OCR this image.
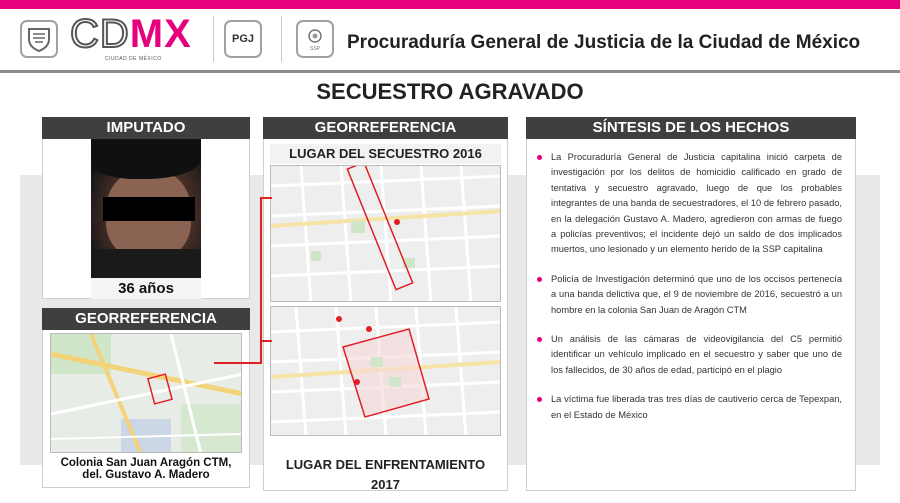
CDMX
CIUDAD DE MÉXICO
PGJ
SSP Procuraduría General de Justicia de la Ciudad de México
SECUESTRO AGRAVADO
IMPUTADO
36 años
GEORREFERENCIA
Colonia San Juan Aragón CTM,
del. Gustavo A. Madero
GEORREFERENCIA
LUGAR DEL SECUESTRO 2016
LUGAR DEL ENFRENTAMIENTO 2017
SÍNTESIS DE LOS HECHOS
La Procuraduría General de Justicia capitalina inició carpeta de investigación por los delitos de homicidio calificado en grado de tentativa y secuestro agravado, luego de que los probables integrantes de una banda de secuestradores, el 10 de febrero pasado, en la delegación Gustavo A. Madero, agredieron con armas de fuego a policías preventivos; el incidente dejó un saldo de dos implicados muertos, uno lesionado y un elemento herido de la SSP capitalina
Policía de Investigación determinó que uno de los occisos pertenecía a una banda delictiva que, el 9 de noviembre de 2016, secuestró a un hombre en la colonia San Juan de Aragón CTM
Un análisis de las cámaras de videovigilancia del C5 permitió identificar un vehículo implicado en el secuestro y saber que uno de los fallecidos, de 30 años de edad, participó en el plagio
La víctima fue liberada tras tres días de cautiverio cerca de Tepexpan, en el Estado de México
